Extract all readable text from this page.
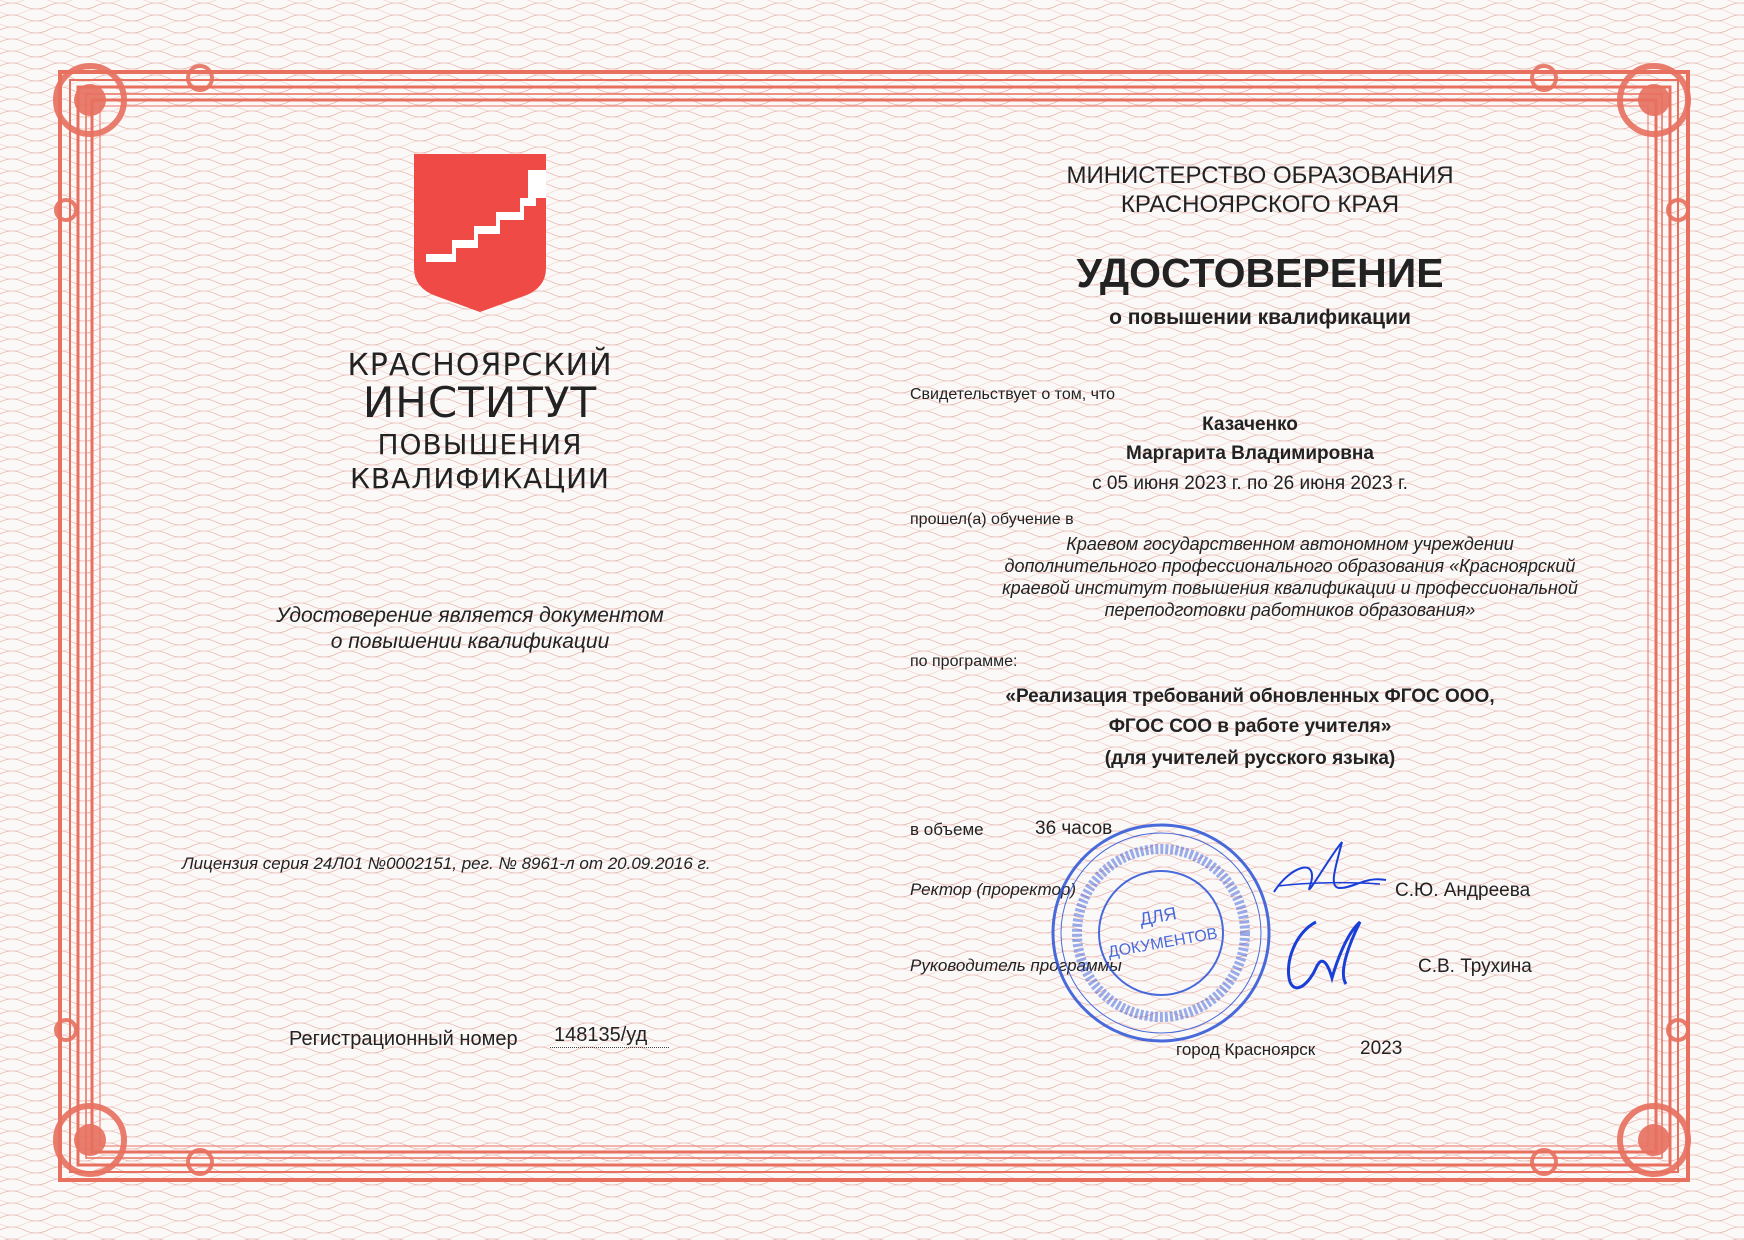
КРАСНОЯРСКИЙ
ИНСТИТУТ
ПОВЫШЕНИЯ
КВАЛИФИКАЦИИ
Удостоверение является документом
о повышении квалификации
Лицензия серия 24Л01 №0002151, рег. № 8961-л от 20.09.2016 г.
Регистрационный номер 148135/уд
МИНИСТЕРСТВО ОБРАЗОВАНИЯ
КРАСНОЯРСКОГО КРАЯ
УДОСТОВЕРЕНИЕ
о повышении квалификации
Свидетельствует о том, что
Казаченко
Маргарита Владимировна
с 05 июня 2023 г. по 26 июня 2023 г.
прошел(а) обучение в
Краевом государственном автономном учреждении
дополнительного профессионального образования «Красноярский
краевой институт повышения квалификации и профессиональной
переподготовки работников образования»
по программе:
«Реализация требований обновленных ФГОС ООО,
ФГОС СОО в работе учителя»
(для учителей русского языка)
в объеме	36 часов
Ректор (проректор)	С.Ю. Андреева
Руководитель программы	С.В. Трухина
город Красноярск 2023
ДЛЯ
ДОКУМЕНТОВ
